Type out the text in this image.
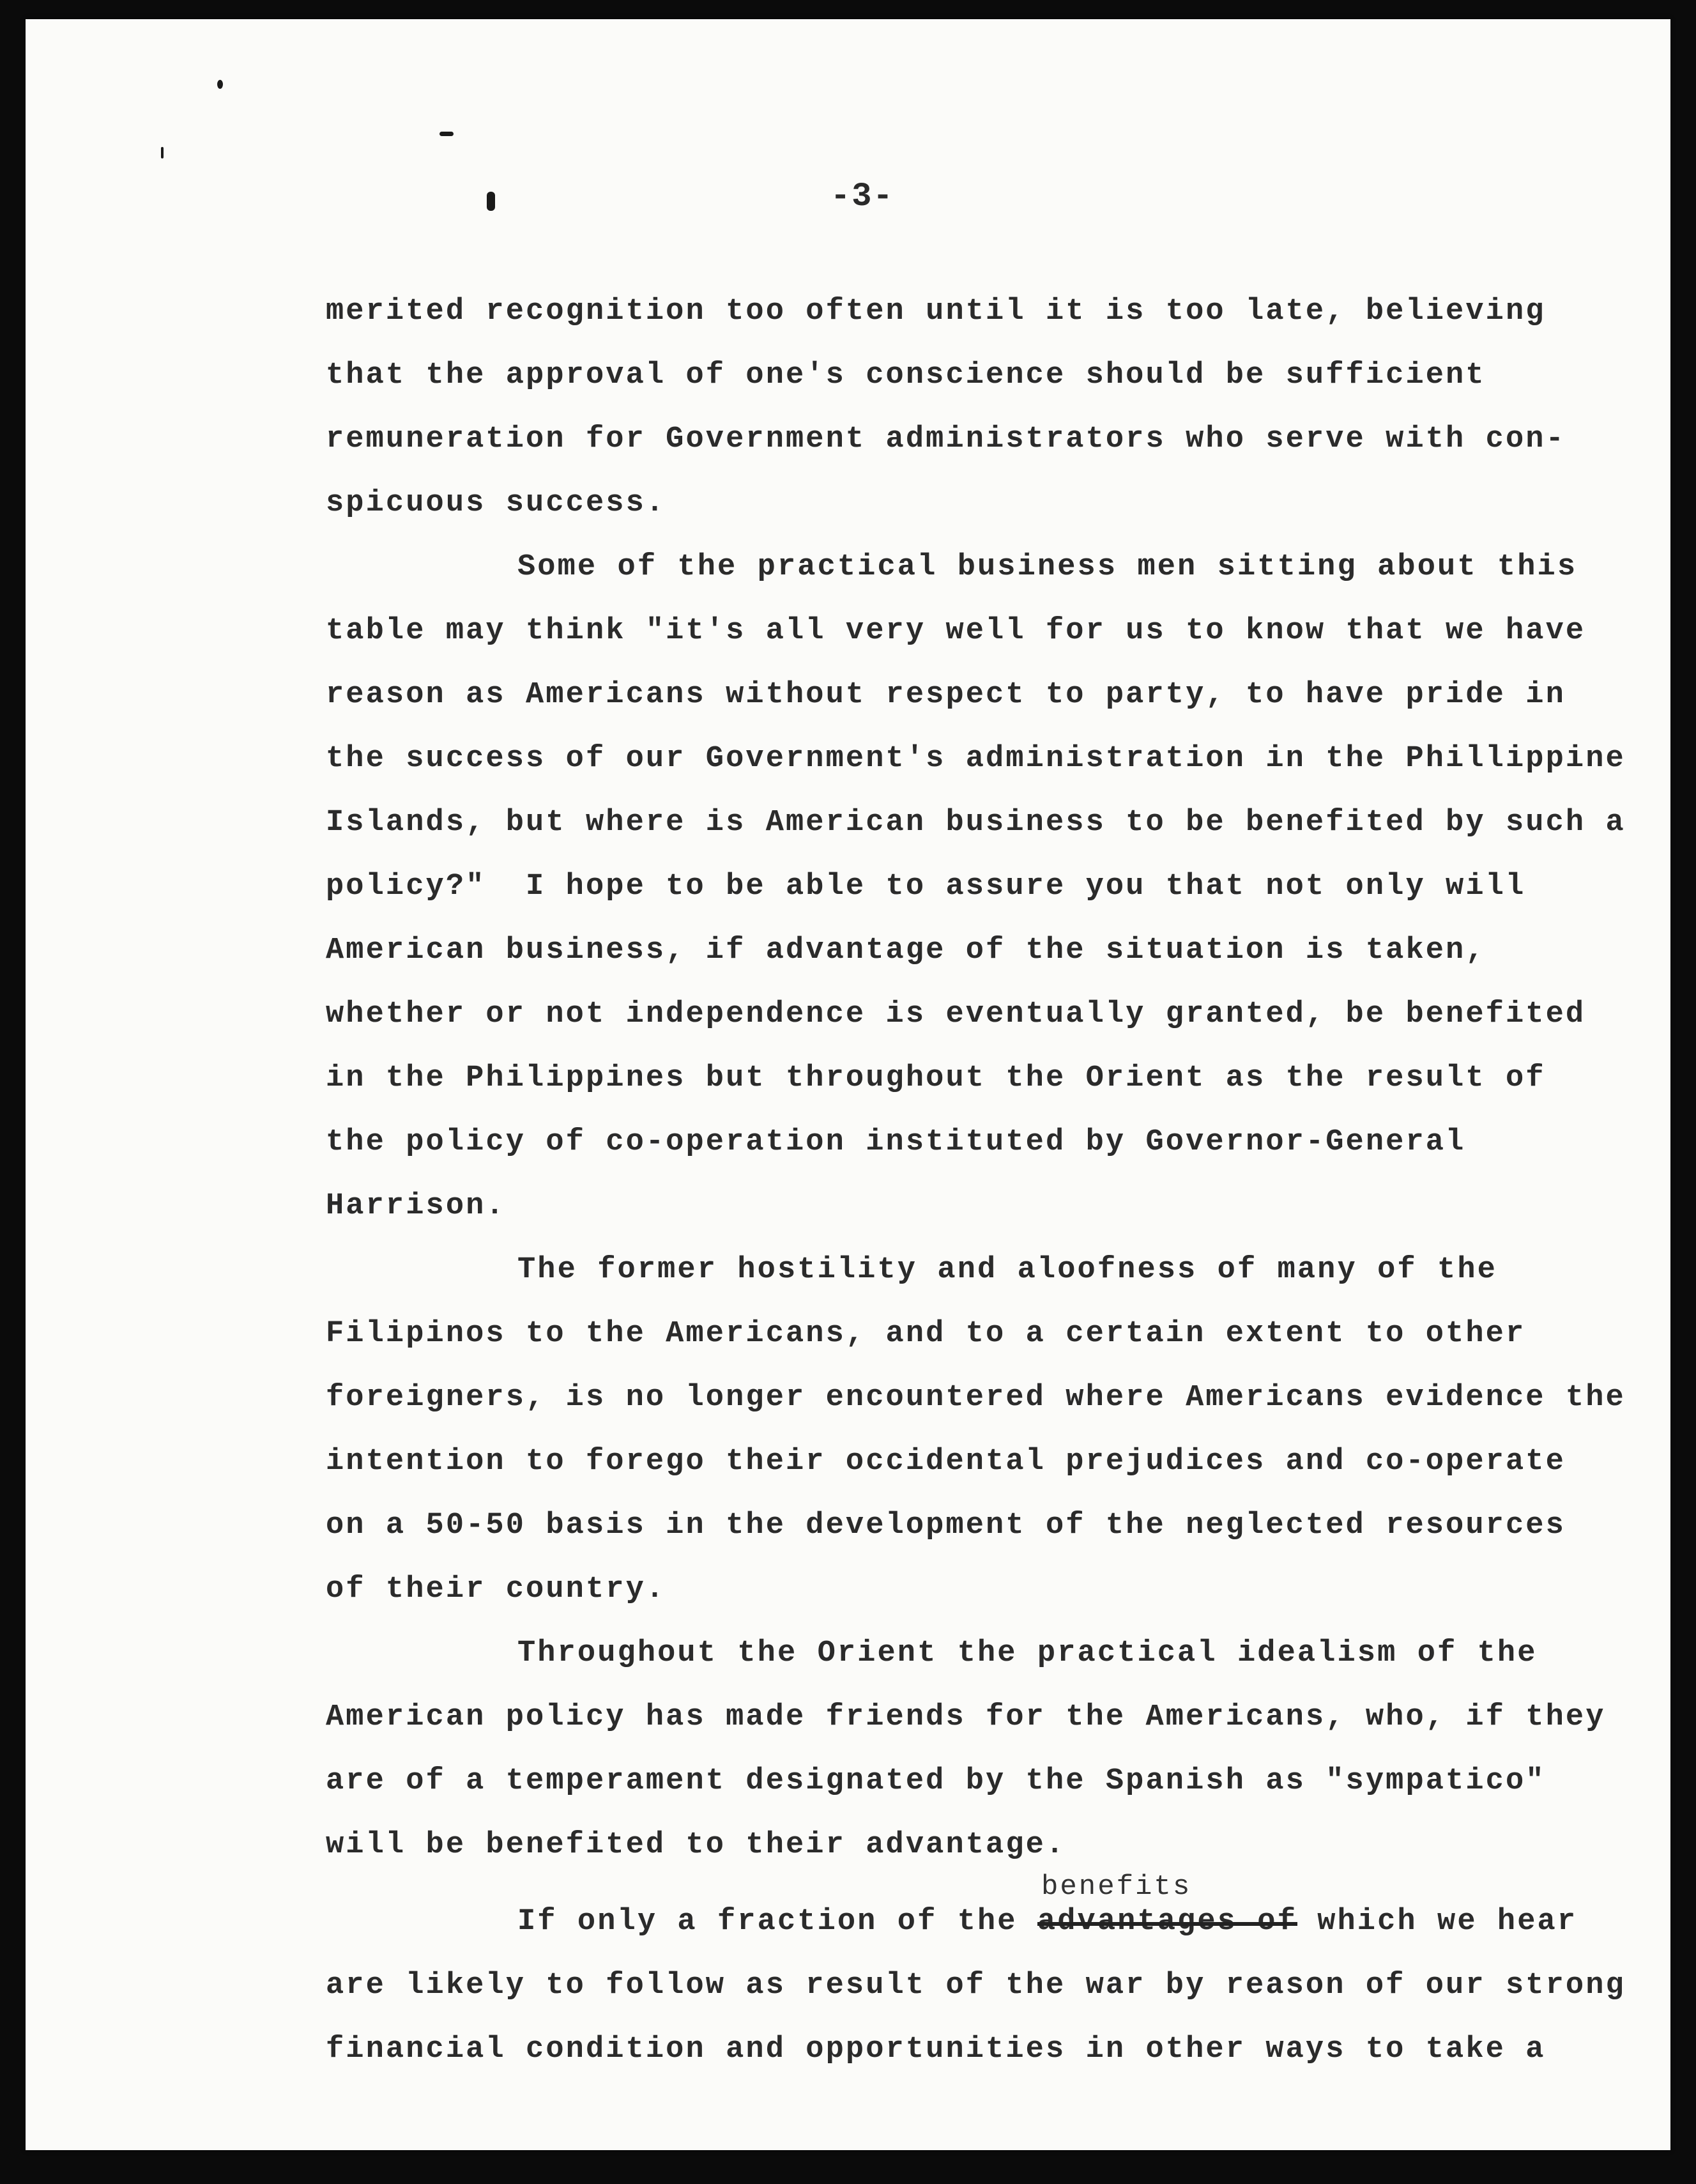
-3-
merited recognition too often until it is too late, believing
that the approval of one's conscience should be sufficient
remuneration for Government administrators who serve with con-
spicuous success.
Some of the practical business men sitting about this
table may think "it's all very well for us to know that we have
reason as Americans without respect to party, to have pride in
the success of our Government's administration in the Phillippine
Islands, but where is American business to be benefited by such a
policy?"  I hope to be able to assure you that not only will
American business, if advantage of the situation is taken,
whether or not independence is eventually granted, be benefited
in the Philippines but throughout the Orient as the result of
the policy of co-operation instituted by Governor-General
Harrison.
The former hostility and aloofness of many of the
Filipinos to the Americans, and to a certain extent to other
foreigners, is no longer encountered where Americans evidence the
intention to forego their occidental prejudices and co-operate
on a 50-50 basis in the development of the neglected resources
of their country.
Throughout the Orient the practical idealism of the
American policy has made friends for the Americans, who, if they
are of a temperament designated by the Spanish as "sympatico"
will be benefited to their advantage.
benefits
If only a fraction of the advantages of which we hear
are likely to follow as result of the war by reason of our strong
financial condition and opportunities in other ways to take a
